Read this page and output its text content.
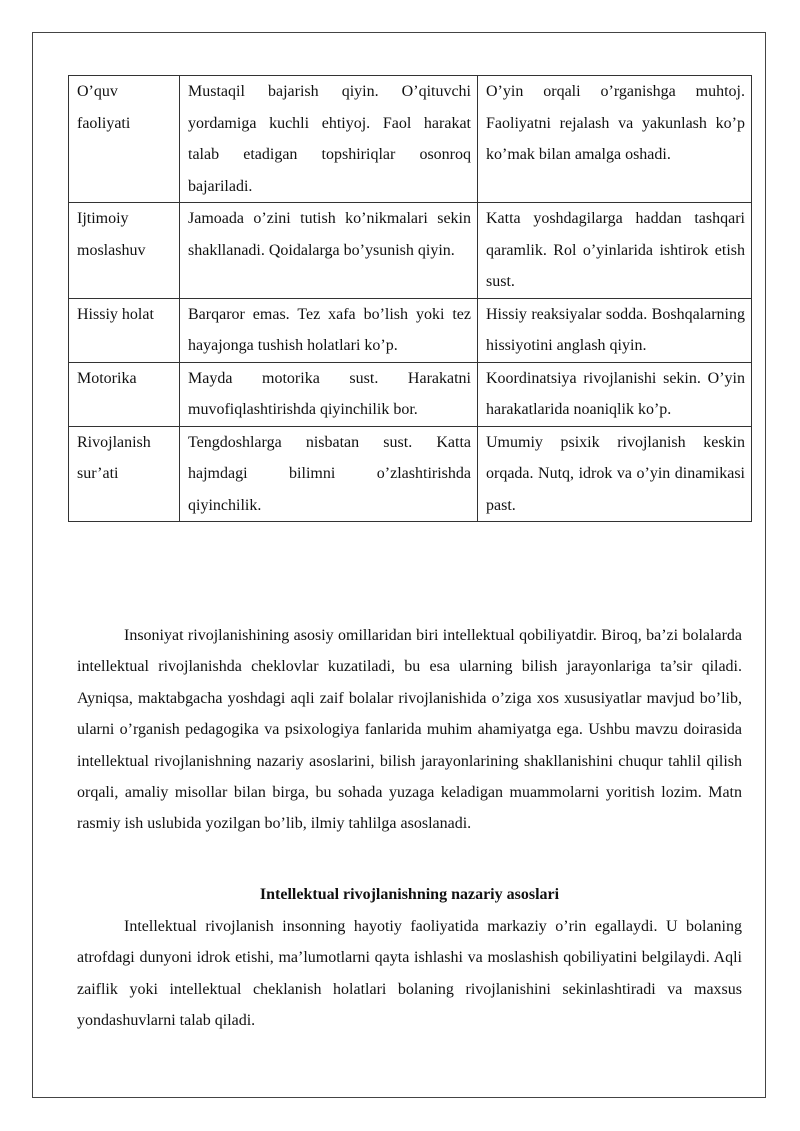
O’quv faoliyati	Mustaqil bajarish qiyin. O’qituvchi yordamiga kuchli ehtiyoj. Faol harakat talab etadigan topshiriqlar osonroq bajariladi.	O’yin orqali o’rganishga muhtoj. Faoliyatni rejalash va yakunlash ko’p ko’mak bilan amalga oshadi.
Ijtimoiy moslashuv	Jamoada o’zini tutish ko’nikmalari sekin shakllanadi. Qoidalarga bo’ysunish qiyin.	Katta yoshdagilarga haddan tashqari qaramlik. Rol o’yinlarida ishtirok etish sust.
Hissiy holat	Barqaror emas. Tez xafa bo’lish yoki tez hayajonga tushish holatlari ko’p.	Hissiy reaksiyalar sodda. Boshqalarning hissiyotini anglash qiyin.
Motorika	Mayda motorika sust. Harakatni muvofiqlashtirishda qiyinchilik bor.	Koordinatsiya rivojlanishi sekin. O’yin harakatlarida noaniqlik ko’p.
Rivojlanish sur’ati	Tengdoshlarga nisbatan sust. Katta hajmdagi bilimni o’zlashtirishda qiyinchilik.	Umumiy psixik rivojlanish keskin orqada. Nutq, idrok va o’yin dinamikasi past.

Insoniyat rivojlanishining asosiy omillaridan biri intellektual qobiliyatdir. Biroq, ba’zi bolalarda intellektual rivojlanishda cheklovlar kuzatiladi, bu esa ularning bilish jarayonlariga ta’sir qiladi. Ayniqsa, maktabgacha yoshdagi aqli zaif bolalar rivojlanishida o’ziga xos xususiyatlar mavjud bo’lib, ularni o’rganish pedagogika va psixologiya fanlarida muhim ahamiyatga ega. Ushbu mavzu doirasida intellektual rivojlanishning nazariy asoslarini, bilish jarayonlarining shakllanishini chuqur tahlil qilish orqali, amaliy misollar bilan birga, bu sohada yuzaga keladigan muammolarni yoritish lozim. Matn rasmiy ish uslubida yozilgan bo’lib, ilmiy tahlilga asoslanadi.

Intellektual rivojlanishning nazariy asoslari

Intellektual rivojlanish insonning hayotiy faoliyatida markaziy o’rin egallaydi. U bolaning atrofdagi dunyoni idrok etishi, ma’lumotlarni qayta ishlashi va moslashish qobiliyatini belgilaydi. Aqli zaiflik yoki intellektual cheklanish holatlari bolaning rivojlanishini sekinlashtiradi va maxsus yondashuvlarni talab qiladi.
